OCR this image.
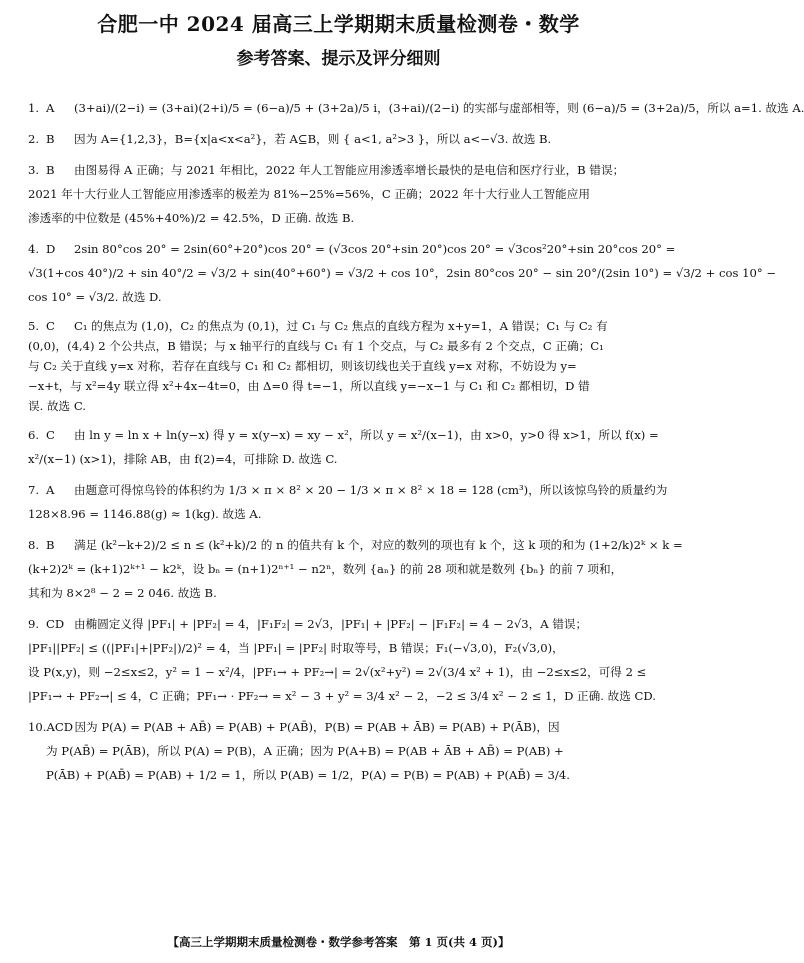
合肥一中 2024 届高三上学期期末质量检测卷・数学
参考答案、提示及评分细则

1. A (3+ai)/(2−i) = (3+ai)(2+i)/5 = (6−a)/5 + (3+2a)/5 i，(3+ai)/(2−i) 的实部与虚部相等，则 (6−a)/5 = (3+2a)/5，所以 a=1. 故选 A.

2. B 因为 A={1,2,3}，B={x|a<x<a²}，若 A⊆B，则 { a<1, a²>3 }，所以 a<−√3. 故选 B.

3. B 由图易得 A 正确；与 2021 年相比，2022 年人工智能应用渗透率增长最快的是电信和医疗行业，B 错误；

2021 年十大行业人工智能应用渗透率的极差为 81%−25%=56%，C 正确；2022 年十大行业人工智能应用

渗透率的中位数是 (45%+40%)/2 = 42.5%，D 正确. 故选 B.

4. D 2sin 80°cos 20° = 2sin(60°+20°)cos 20° = (√3cos 20°+sin 20°)cos 20° = √3cos²20°+sin 20°cos 20° =

√3(1+cos 40°)/2 + sin 40°/2 = √3/2 + sin(40°+60°) = √3/2 + cos 10°，2sin 80°cos 20° − sin 20°/(2sin 10°) = √3/2 + cos 10° −

cos 10° = √3/2. 故选 D.

5. C C₁ 的焦点为 (1,0)，C₂ 的焦点为 (0,1)，过 C₁ 与 C₂ 焦点的直线方程为 x+y=1，A 错误；C₁ 与 C₂ 有

(0,0)，(4,4) 2 个公共点，B 错误；与 x 轴平行的直线与 C₁ 有 1 个交点，与 C₂ 最多有 2 个交点，C 正确；C₁

与 C₂ 关于直线 y=x 对称，若存在直线与 C₁ 和 C₂ 都相切，则该切线也关于直线 y=x 对称，不妨设为 y=

−x+t，与 x²=4y 联立得 x²+4x−4t=0，由 Δ=0 得 t=−1，所以直线 y=−x−1 与 C₁ 和 C₂ 都相切，D 错

误. 故选 C.

6. C 由 ln y = ln x + ln(y−x) 得 y = x(y−x) = xy − x²，所以 y = x²/(x−1)，由 x>0，y>0 得 x>1，所以 f(x) =

x²/(x−1) (x>1)，排除 AB，由 f(2)=4，可排除 D. 故选 C.

7. A 由题意可得惊鸟铃的体积约为 1/3 × π × 8² × 20 − 1/3 × π × 8² × 18 = 128 (cm³)，所以该惊鸟铃的质量约为

128×8.96 = 1146.88(g) ≈ 1(kg). 故选 A.

8. B 满足 (k²−k+2)/2 ≤ n ≤ (k²+k)/2 的 n 的值共有 k 个，对应的数列的项也有 k 个，这 k 项的和为 (1+2/k)2ᵏ × k =

(k+2)2ᵏ = (k+1)2ᵏ⁺¹ − k2ᵏ，设 bₙ = (n+1)2ⁿ⁺¹ − n2ⁿ，数列 {aₙ} 的前 28 项和就是数列 {bₙ} 的前 7 项和，

其和为 8×2⁸ − 2 = 2 046. 故选 B.

9. CD 由椭圆定义得 |PF₁| + |PF₂| = 4，|F₁F₂| = 2√3，|PF₁| + |PF₂| − |F₁F₂| = 4 − 2√3，A 错误；

|PF₁||PF₂| ≤ ((|PF₁|+|PF₂|)/2)² = 4，当 |PF₁| = |PF₂| 时取等号，B 错误；F₁(−√3,0)，F₂(√3,0)，

设 P(x,y)，则 −2≤x≤2，y² = 1 − x²/4，|PF₁→ + PF₂→| = 2√(x²+y²) = 2√(3/4 x² + 1)，由 −2≤x≤2，可得 2 ≤

|PF₁→ + PF₂→| ≤ 4，C 正确；PF₁→ · PF₂→ = x² − 3 + y² = 3/4 x² − 2，−2 ≤ 3/4 x² − 2 ≤ 1，D 正确. 故选 CD.

10.ACD因为 P(A) = P(AB + AB̄) = P(AB) + P(AB̄)，P(B) = P(AB + ĀB) = P(AB) + P(ĀB)，因

为 P(AB̄) = P(ĀB)，所以 P(A) = P(B)，A 正确；因为 P(A+B) = P(AB + ĀB + AB̄) = P(AB) +

P(ĀB) + P(AB̄) = P(AB) + 1/2 = 1，所以 P(AB) = 1/2，P(A) = P(B) = P(AB) + P(AB̄) = 3/4.

【高三上学期期末质量检测卷・数学参考答案　第 1 页(共 4 页)】
